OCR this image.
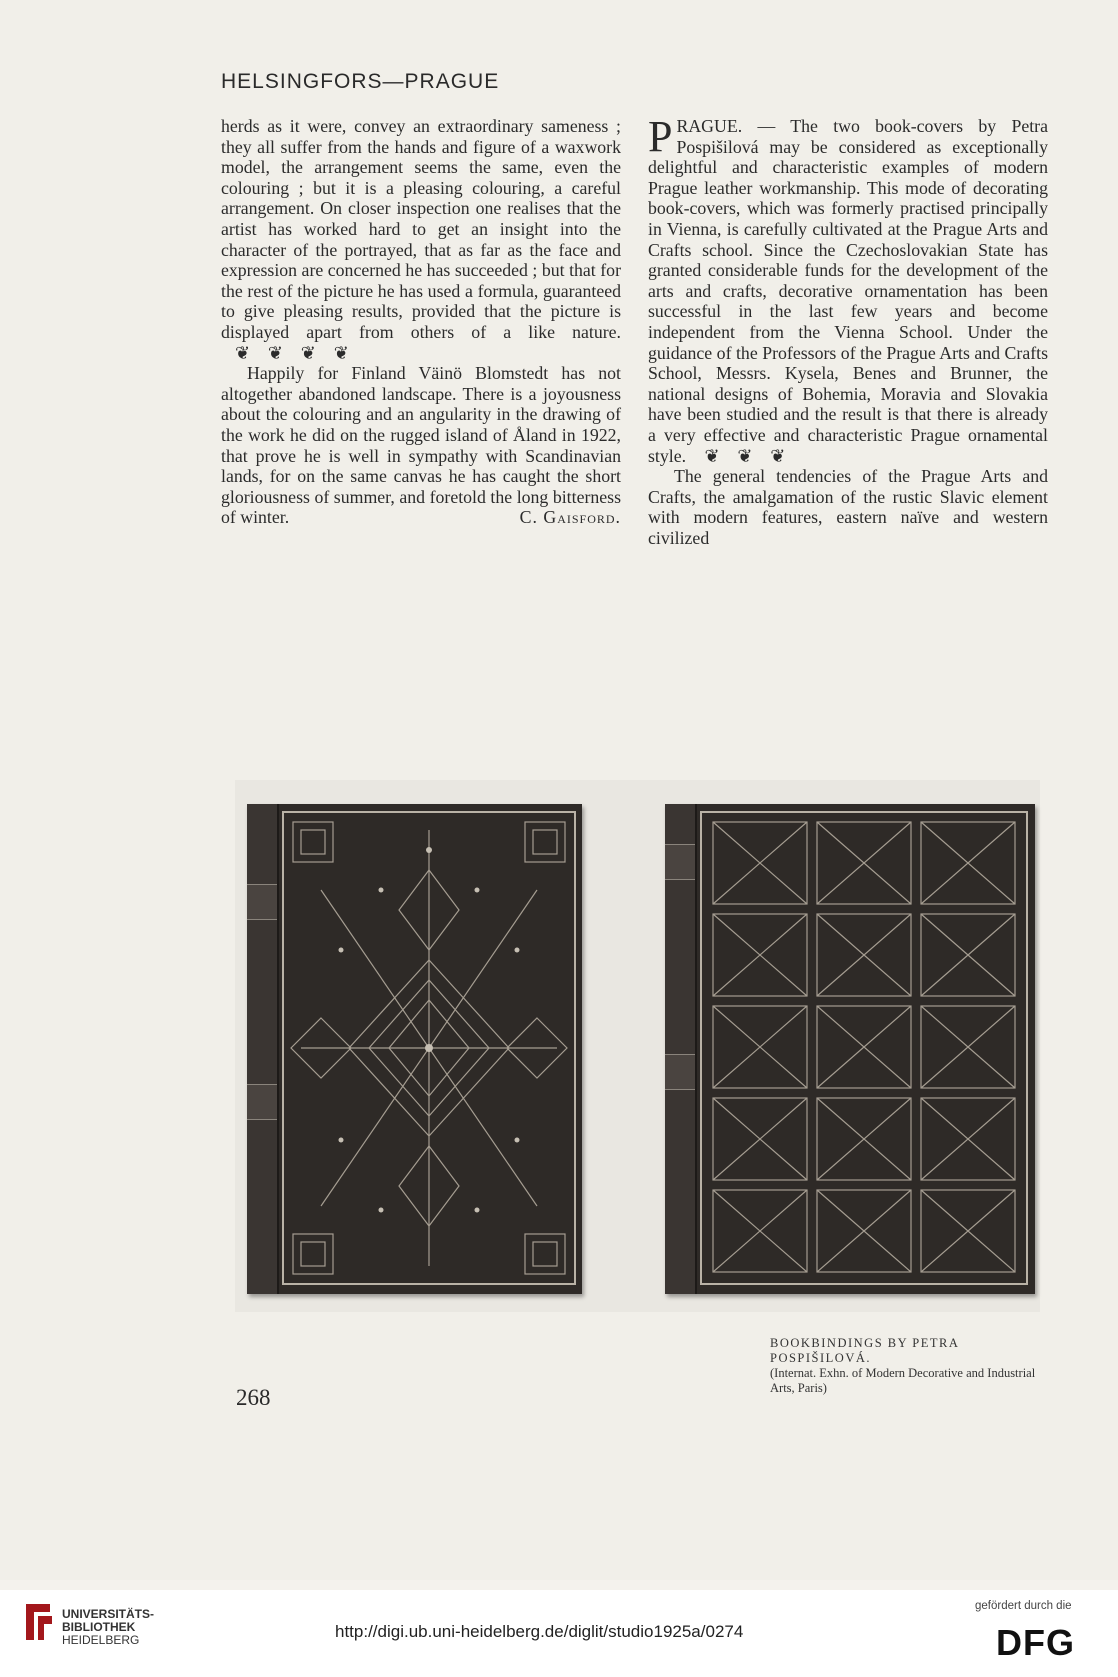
HELSINGFORS—PRAGUE

herds as it were, convey an extraordinary sameness ; they all suffer from the hands and figure of a waxwork model, the arrangement seems the same, even the colouring ; but it is a pleasing colouring, a careful arrangement. On closer inspection one realises that the artist has worked hard to get an insight into the character of the portrayed, that as far as the face and expression are concerned he has succeeded ; but that for the rest of the picture he has used a formula, guaranteed to give pleasing results, provided that the picture is displayed apart from others of a like nature. ❦❦❦❦

Happily for Finland Väinö Blomstedt has not altogether abandoned landscape. There is a joyousness about the colouring and an angularity in the drawing of the work he did on the rugged island of Åland in 1922, that prove he is well in sympathy with Scandinavian lands, for on the same canvas he has caught the short gloriousness of summer, and foretold the long bitterness of winter.	C. Gaisford.

P RAGUE. — The two book-covers by Petra Pospišilová may be considered as exceptionally delightful and characteristic examples of modern Prague leather workmanship. This mode of decorating book-covers, which was formerly practised principally in Vienna, is carefully cultivated at the Prague Arts and Crafts school. Since the Czechoslovakian State has granted considerable funds for the development of the arts and crafts, decorative ornamentation has been successful in the last few years and become independent from the Vienna School. Under the guidance of the Professors of the Prague Arts and Crafts School, Messrs. Kysela, Benes and Brunner, the national designs of Bohemia, Moravia and Slovakia have been studied and the result is that there is already a very effective and characteristic Prague ornamental style. ❦❦❦

The general tendencies of the Prague Arts and Crafts, the amalgamation of the rustic Slavic element with modern features, eastern naïve and western civilized

BOOKBINDINGS BY PETRA POSPIŠILOVÁ.
(Internat. Exhn. of Modern Decorative and Industrial Arts, Paris)
268
UNIVERSITÄTS-
BIBLIOTHEK
HEIDELBERG	http://digi.ub.uni-heidelberg.de/diglit/studio1925a/0274
gefördert durch die
DFG
